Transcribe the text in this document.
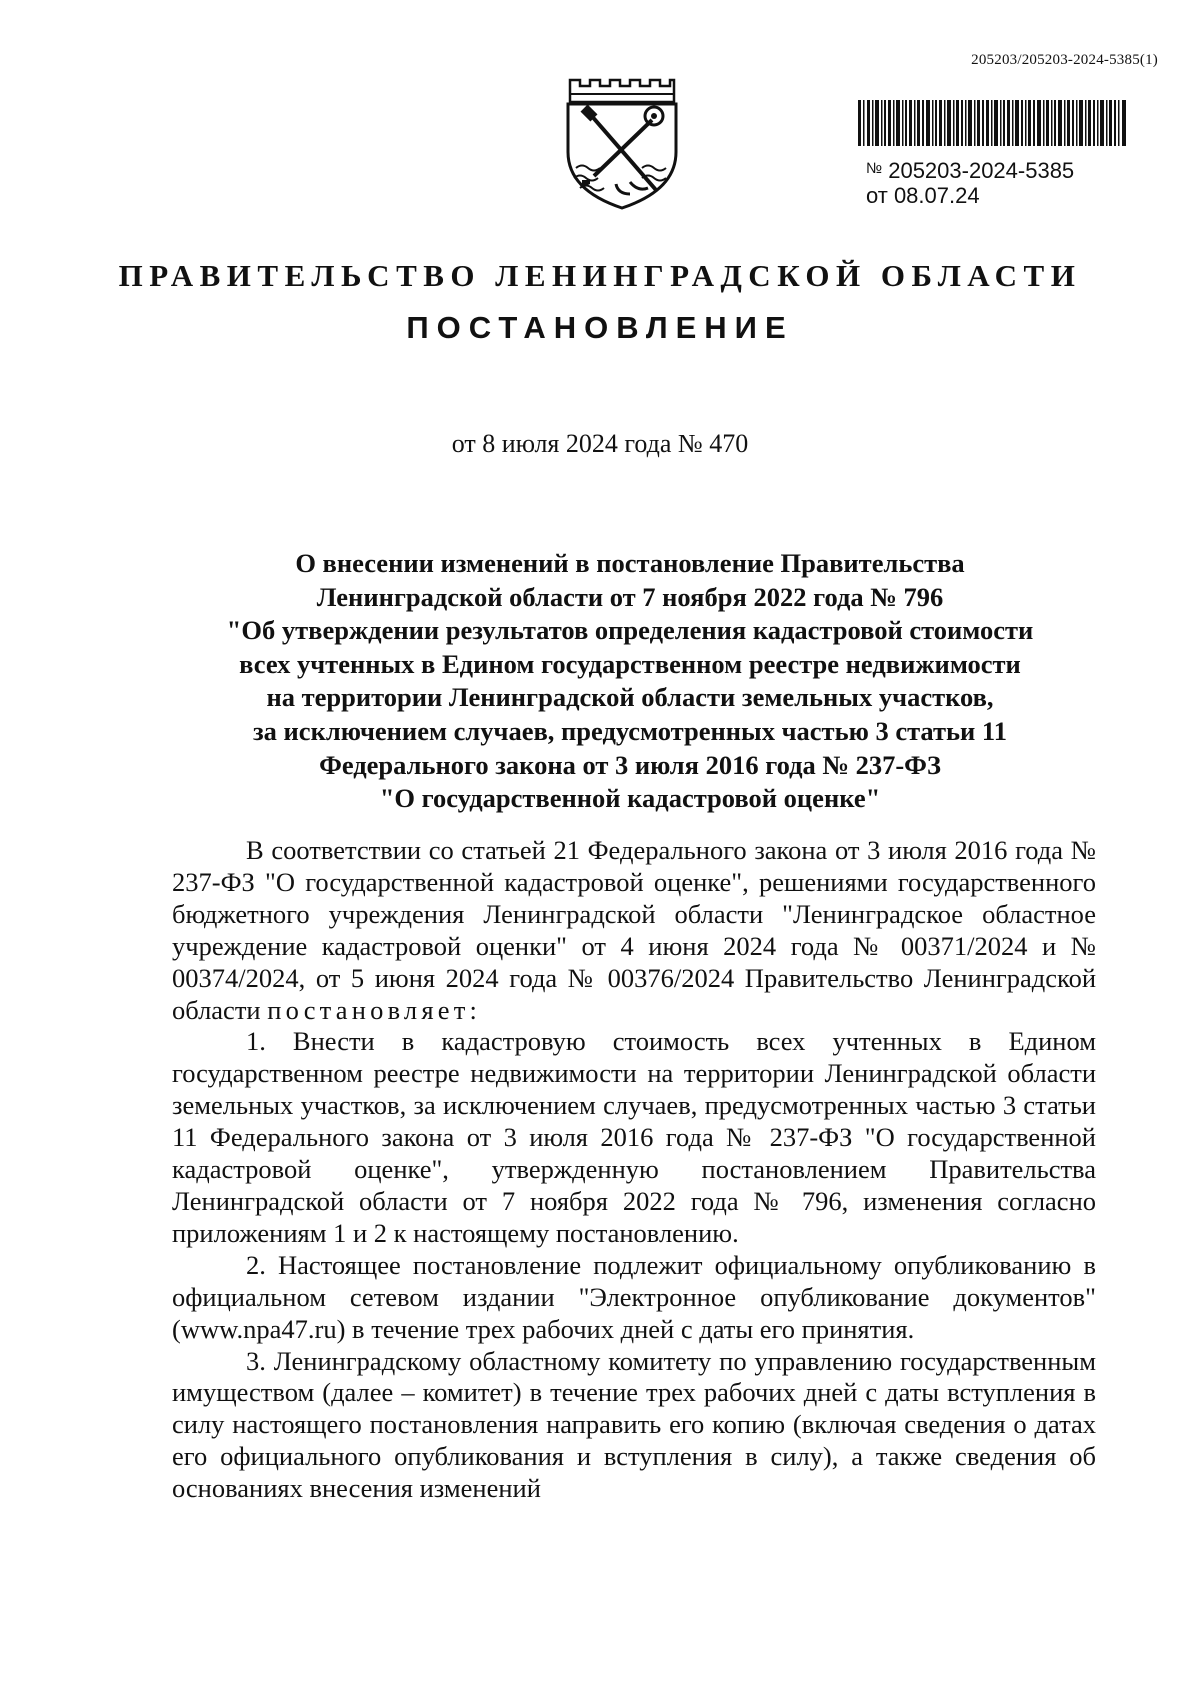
205203/205203-2024-5385(1)
№ 205203-2024-5385
от 08.07.24
ПРАВИТЕЛЬСТВО ЛЕНИНГРАДСКОЙ ОБЛАСТИ
ПОСТАНОВЛЕНИЕ
от 8 июля 2024 года № 470
О внесении изменений в постановление Правительства
Ленинградской области от 7 ноября 2022 года № 796
"Об утверждении результатов определения кадастровой стоимости
всех учтенных в Едином государственном реестре недвижимости
на территории Ленинградской области земельных участков,
за исключением случаев, предусмотренных частью 3 статьи 11
Федерального закона от 3 июля 2016 года № 237-ФЗ
"О государственной кадастровой оценке"

В соответствии со статьей 21 Федерального закона от 3 июля 2016 года № 237-ФЗ "О государственной кадастровой оценке", решениями государственного бюджетного учреждения Ленинградской области "Ленинградское областное учреждение кадастровой оценки" от 4 июня 2024 года № 00371/2024 и № 00374/2024, от 5 июня 2024 года № 00376/2024 Правительство Ленинградской области постановляет:

1. Внести в кадастровую стоимость всех учтенных в Едином государственном реестре недвижимости на территории Ленинградской области земельных участков, за исключением случаев, предусмотренных частью 3 статьи 11 Федерального закона от 3 июля 2016 года № 237-ФЗ "О государственной кадастровой оценке", утвержденную постановлением Правительства Ленинградской области от 7 ноября 2022 года № 796, изменения согласно приложениям 1 и 2 к настоящему постановлению.

2. Настоящее постановление подлежит официальному опубликованию в официальном сетевом издании "Электронное опубликование документов" (www.npa47.ru) в течение трех рабочих дней с даты его принятия.

3. Ленинградскому областному комитету по управлению государственным имуществом (далее – комитет) в течение трех рабочих дней с даты вступления в силу настоящего постановления направить его копию (включая сведения о датах его официального опубликования и вступления в силу), а также сведения об основаниях внесения изменений
